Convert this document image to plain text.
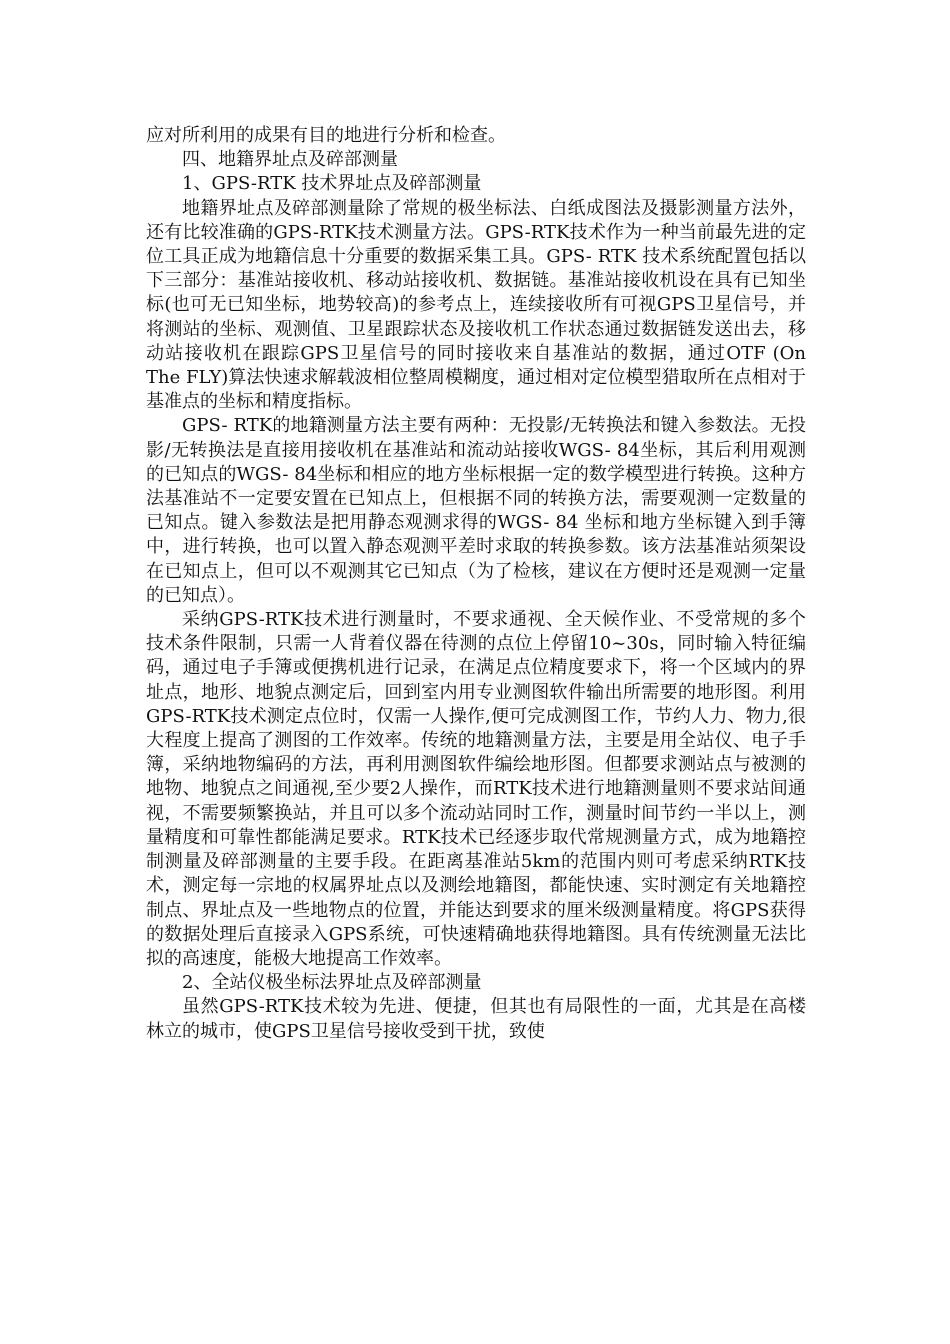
应对所利用的成果有目的地进行分析和检查。

四、地籍界址点及碎部测量

1、GPS-RTK 技术界址点及碎部测量

地籍界址点及碎部测量除了常规的极坐标法、白纸成图法及摄影测量方法外，还有比较准确的GPS-RTK技术测量方法。GPS-RTK技术作为一种当前最先进的定位工具正成为地籍信息十分重要的数据采集工具。GPS- RTK 技术系统配置包括以下三部分：基准站接收机、移动站接收机、数据链。基准站接收机设在具有已知坐标(也可无已知坐标，地势较高)的参考点上，连续接收所有可视GPS卫星信号，并将测站的坐标、观测值、卫星跟踪状态及接收机工作状态通过数据链发送出去，移动站接收机在跟踪GPS卫星信号的同时接收来自基准站的数据，通过OTF (On The FLY)算法快速求解载波相位整周模糊度，通过相对定位模型猎取所在点相对于基准点的坐标和精度指标。

GPS- RTK的地籍测量方法主要有两种：无投影/无转换法和键入参数法。无投影/无转换法是直接用接收机在基准站和流动站接收WGS- 84坐标，其后利用观测的已知点的WGS- 84坐标和相应的地方坐标根据一定的数学模型进行转换。这种方法基准站不一定要安置在已知点上，但根据不同的转换方法，需要观测一定数量的已知点。键入参数法是把用静态观测求得的WGS- 84 坐标和地方坐标键入到手簿中，进行转换，也可以置入静态观测平差时求取的转换参数。该方法基准站须架设在已知点上，但可以不观测其它已知点（为了检核，建议在方便时还是观测一定量的已知点）。

采纳GPS-RTK技术进行测量时，不要求通视、全天候作业、不受常规的多个技术条件限制，只需一人背着仪器在待测的点位上停留10~30s，同时输入特征编码，通过电子手簿或便携机进行记录，在满足点位精度要求下，将一个区域内的界址点，地形、地貌点测定后，回到室内用专业测图软件输出所需要的地形图。利用GPS-RTK技术测定点位时，仅需一人操作,便可完成测图工作，节约人力、物力,很大程度上提高了测图的工作效率。传统的地籍测量方法，主要是用全站仪、电子手簿，采纳地物编码的方法，再利用测图软件编绘地形图。但都要求测站点与被测的地物、地貌点之间通视,至少要2人操作，而RTK技术进行地籍测量则不要求站间通视，不需要频繁换站，并且可以多个流动站同时工作，测量时间节约一半以上，测量精度和可靠性都能满足要求。RTK技术已经逐步取代常规测量方式，成为地籍控制测量及碎部测量的主要手段。在距离基准站5km的范围内则可考虑采纳RTK技术，测定每一宗地的权属界址点以及测绘地籍图，都能快速、实时测定有关地籍控制点、界址点及一些地物点的位置，并能达到要求的厘米级测量精度。将GPS获得的数据处理后直接录入GPS系统，可快速精确地获得地籍图。具有传统测量无法比拟的高速度，能极大地提高工作效率。

2、全站仪极坐标法界址点及碎部测量

虽然GPS-RTK技术较为先进、便捷，但其也有局限性的一面，尤其是在高楼林立的城市，使GPS卫星信号接收受到干扰，致使
